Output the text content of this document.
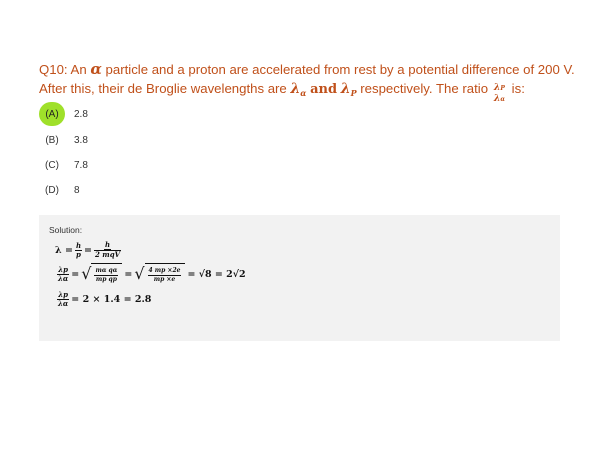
Q10: An α particle and a proton are accelerated from rest by a potential difference of 200 V.
After this, their de Broglie wavelengths are $\lambda_\alpha$ and $\lambda_P$ respectively. The ratio λP
λα
is:
(A)	2.8
(B)	3.8
(C)	7.8
(D)	8
Solution:
$\lambda = \frac{h}{p} = \frac{h}{\text{2 mqV}}$
$\frac{\lambda p}{\lambda\alpha}$ = √ $\frac{\text{mα qα}}{\text{mp qp}}$ = √ $\frac{4 mp \times 2e}{mp \times e} = √8 = 2√2$
$\frac{\lambda p}{\lambda\alpha} = 2 \times 1.4 = 2.8$
